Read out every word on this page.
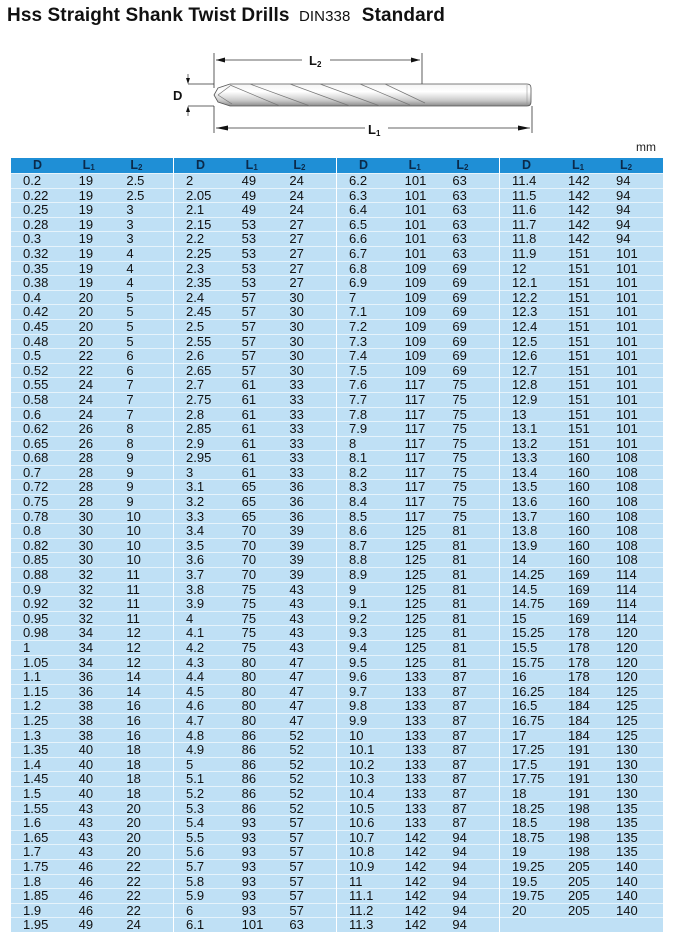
Hss Straight Shank Twist Drills DIN338 Standard
L2
D
L1
mm
D	$L_1$	$L_2$
0.2	19	2.5
0.22	19	2.5
0.25	19	3
0.28	19	3
0.3	19	3
0.32	19	4
0.35	19	4
0.38	19	4
0.4	20	5
0.42	20	5
0.45	20	5
0.48	20	5
0.5	22	6
0.52	22	6
0.55	24	7
0.58	24	7
0.6	24	7
0.62	26	8
0.65	26	8
0.68	28	9
0.7	28	9
0.72	28	9
0.75	28	9
0.78	30	10
0.8	30	10
0.82	30	10
0.85	30	10
0.88	32	11
0.9	32	11
0.92	32	11
0.95	32	11
0.98	34	12
1	34	12
1.05	34	12
1.1	36	14
1.15	36	14
1.2	38	16
1.25	38	16
1.3	38	16
1.35	40	18
1.4	40	18
1.45	40	18
1.5	40	18
1.55	43	20
1.6	43	20
1.65	43	20
1.7	43	20
1.75	46	22
1.8	46	22
1.85	46	22
1.9	46	22
1.95	49	24
D	$L_1$	$L_2$
2	49	24
2.05	49	24
2.1	49	24
2.15	53	27
2.2	53	27
2.25	53	27
2.3	53	27
2.35	53	27
2.4	57	30
2.45	57	30
2.5	57	30
2.55	57	30
2.6	57	30
2.65	57	30
2.7	61	33
2.75	61	33
2.8	61	33
2.85	61	33
2.9	61	33
2.95	61	33
3	61	33
3.1	65	36
3.2	65	36
3.3	65	36
3.4	70	39
3.5	70	39
3.6	70	39
3.7	70	39
3.8	75	43
3.9	75	43
4	75	43
4.1	75	43
4.2	75	43
4.3	80	47
4.4	80	47
4.5	80	47
4.6	80	47
4.7	80	47
4.8	86	52
4.9	86	52
5	86	52
5.1	86	52
5.2	86	52
5.3	86	52
5.4	93	57
5.5	93	57
5.6	93	57
5.7	93	57
5.8	93	57
5.9	93	57
6	93	57
6.1	101	63
D	$L_1$	$L_2$
6.2	101	63
6.3	101	63
6.4	101	63
6.5	101	63
6.6	101	63
6.7	101	63
6.8	109	69
6.9	109	69
7	109	69
7.1	109	69
7.2	109	69
7.3	109	69
7.4	109	69
7.5	109	69
7.6	117	75
7.7	117	75
7.8	117	75
7.9	117	75
8	117	75
8.1	117	75
8.2	117	75
8.3	117	75
8.4	117	75
8.5	117	75
8.6	125	81
8.7	125	81
8.8	125	81
8.9	125	81
9	125	81
9.1	125	81
9.2	125	81
9.3	125	81
9.4	125	81
9.5	125	81
9.6	133	87
9.7	133	87
9.8	133	87
9.9	133	87
10	133	87
10.1	133	87
10.2	133	87
10.3	133	87
10.4	133	87
10.5	133	87
10.6	133	87
10.7	142	94
10.8	142	94
10.9	142	94
11	142	94
11.1	142	94
11.2	142	94
11.3	142	94
D	$L_1$	$L_2$
11.4	142	94
11.5	142	94
11.6	142	94
11.7	142	94
11.8	142	94
11.9	151	101
12	151	101
12.1	151	101
12.2	151	101
12.3	151	101
12.4	151	101
12.5	151	101
12.6	151	101
12.7	151	101
12.8	151	101
12.9	151	101
13	151	101
13.1	151	101
13.2	151	101
13.3	160	108
13.4	160	108
13.5	160	108
13.6	160	108
13.7	160	108
13.8	160	108
13.9	160	108
14	160	108
14.25	169	114
14.5	169	114
14.75	169	114
15	169	114
15.25	178	120
15.5	178	120
15.75	178	120
16	178	120
16.25	184	125
16.5	184	125
16.75	184	125
17	184	125
17.25	191	130
17.5	191	130
17.75	191	130
18	191	130
18.25	198	135
18.5	198	135
18.75	198	135
19	198	135
19.25	205	140
19.5	205	140
19.75	205	140
20	205	140
